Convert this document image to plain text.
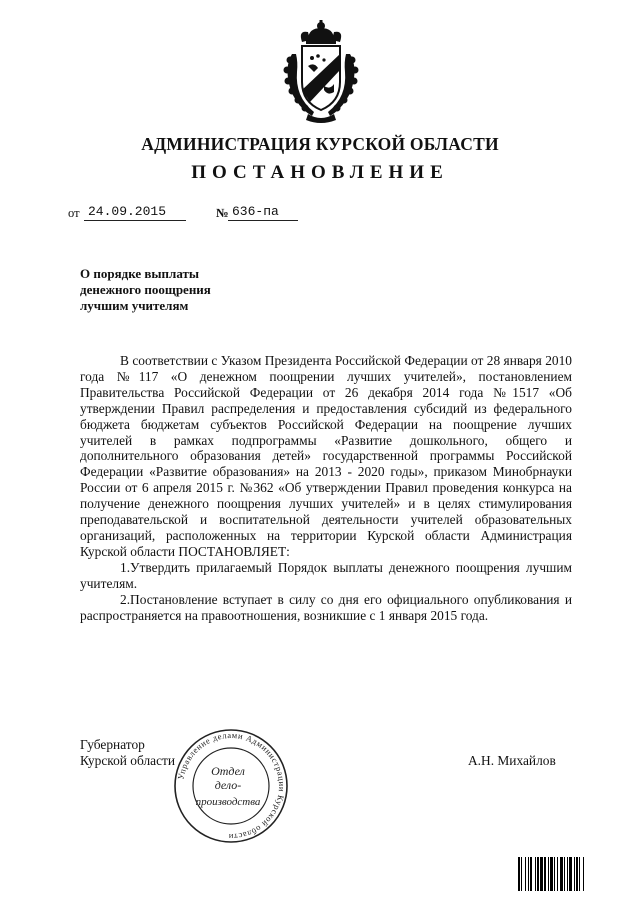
АДМИНИСТРАЦИЯ КУРСКОЙ ОБЛАСТИ
ПОСТАНОВЛЕНИЕ
от 24.09.2015	№ 636-па
О порядке выплаты
денежного поощрения
лучшим учителям

В соответствии с Указом Президента Российской Федерации от 28 января 2010 года №117 «О денежном поощрении лучших учителей», постановлением Правительства Российской Федерации от 26 декабря 2014 года №1517 «Об утверждении Правил распределения и предоставления субсидий из федерального бюджета бюджетам субъектов Российской Федерации на поощрение лучших учителей в рамках подпрограммы «Развитие дошкольного, общего и дополнительного образования детей» государственной программы Российской Федерации «Развитие образования» на 2013 - 2020 годы», приказом Минобрнауки России от 6 апреля 2015 г. №362 «Об утверждении Правил проведения конкурса на получение денежного поощрения лучших учителей» и в целях стимулирования преподавательской и воспитательной деятельности учителей образовательных организаций, расположенных на территории Курской области Администрация Курской области ПОСТАНОВЛЯЕТ:

1.Утвердить прилагаемый Порядок выплаты денежного поощрения лучшим учителям.

2.Постановление вступает в силу со дня его официального опубликования и распространяется на правоотношения, возникшие с 1 января 2015 года.

Губернатор
Курской области	А.Н. Михайлов
Управление делами Администрации Курской области
Отдел
дело-
производства
